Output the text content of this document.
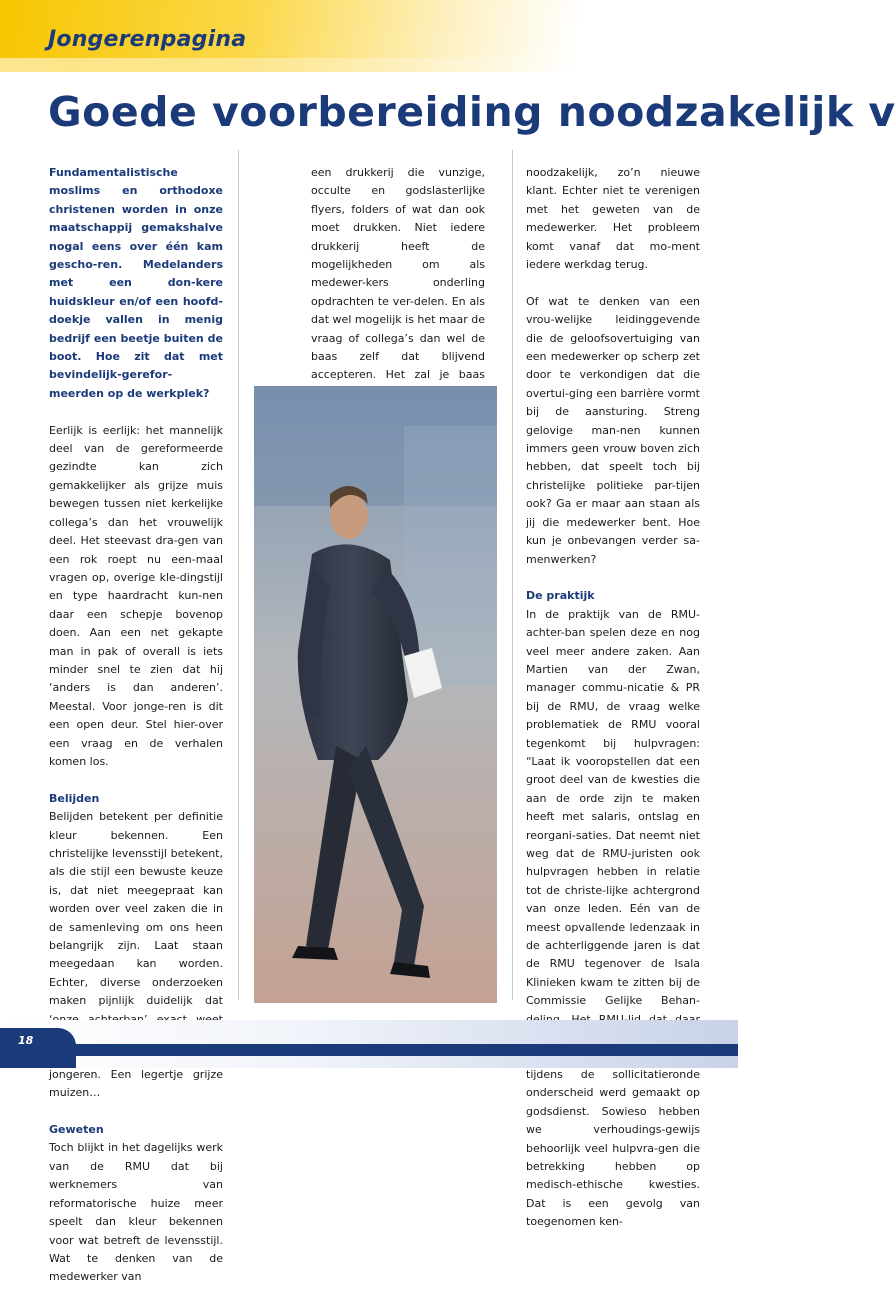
Jongerenpagina
Goede voorbereiding noodzakelijk v

Fundamentalistische moslims en orthodoxe christenen worden in onze maatschappij gemakshalve nogal eens over één kam gescho-ren. Medelanders met een don-kere huidskleur en/of een hoofd-doekje vallen in menig bedrijf een beetje buiten de boot. Hoe zit dat met bevindelijk-gerefor-meerden op de werkplek?

Eerlijk is eerlijk: het mannelijk deel van de gereformeerde gezindte kan zich gemakkelijker als grijze muis bewegen tussen niet kerkelijke collega’s dan het vrouwelijk deel. Het steevast dra-gen van een rok roept nu een-maal vragen op, overige kle-dingstijl en type haardracht kun-nen daar een schepje bovenop doen. Aan een net gekapte man in pak of overall is iets minder snel te zien dat hij ‘anders is dan anderen’. Meestal. Voor jonge-ren is dit een open deur. Stel hier-over een vraag en de verhalen komen los.

Belijden

Belijden betekent per definitie kleur bekennen. Een christelijke levensstijl betekent, als die stijl een bewuste keuze is, dat niet meegepraat kan worden over veel zaken die in de samenleving om ons heen belangrijk zijn. Laat staan meegedaan kan worden. Echter, diverse onderzoeken maken pijnlijk duidelijk dat jongeren. Een legertje grijze muizen…

Geweten

Toch blijkt in het dagelijks werk van de RMU dat bij werknemers van reformatorische huize meer speelt dan kleur bekennen voor wat betreft de levensstijl. Wat te denken van de medewerker van

een drukkerij die vunzige, occulte en godslasterlijke flyers, folders of wat dan ook moet drukken. Niet iedere drukkerij heeft de mogelijkheden om als medewer-kers onderling opdrachten te ver-delen. En als dat wel mogelijk is het maar de vraag of collega’s dan wel de baas zelf dat blijvend accepteren. Het zal je baas

noodzakelijk, zo’n nieuwe klant. Echter niet te verenigen met het geweten van de medewerker. Het probleem komt vanaf dat mo-ment iedere werkdag terug.

Of wat te denken van een vrou-welijke leidinggevende die de geloofsovertuiging van een medewerker op scherp zet door te verkondigen dat die overtui-ging een barrière vormt bij de aansturing. Streng gelovige man-nen kunnen immers geen vrouw boven zich hebben, dat speelt toch bij christelijke politieke par-tijen ook? Ga er maar aan staan als jij die medewerker bent. Hoe kun je onbevangen verder sa-menwerken?

De praktijk

In de praktijk van de RMU-achter-ban spelen deze en nog veel meer andere zaken. Aan Martien van der Zwan, manager commu-nicatie & PR bij de RMU, de vraag welke problematiek de RMU vooral tegenkomt bij hulpvragen: “Laat ik vooropstellen dat een groot deel van de kwesties die aan de orde zijn te maken heeft met salaris, ontslag en reorgani-saties. Dat neemt niet weg dat de RMU-juristen ook hulpvragen hebben in relatie tot de christe-lijke achtergrond van onze leden. Eén van de meest opvallende ledenzaak in de achterliggende jaren is dat de RMU tegenover de Isala Klinieken kwam te zitten bij de Commissie Gelijke Behan- tijdens de sollicitatieronde onderscheid werd gemaakt op godsdienst. Sowieso hebben we verhoudings-gewijs behoorlijk veel hulpvra-gen die betrekking hebben op medisch-ethische kwesties. Dat is een gevolg van toegenomen ken-

18
